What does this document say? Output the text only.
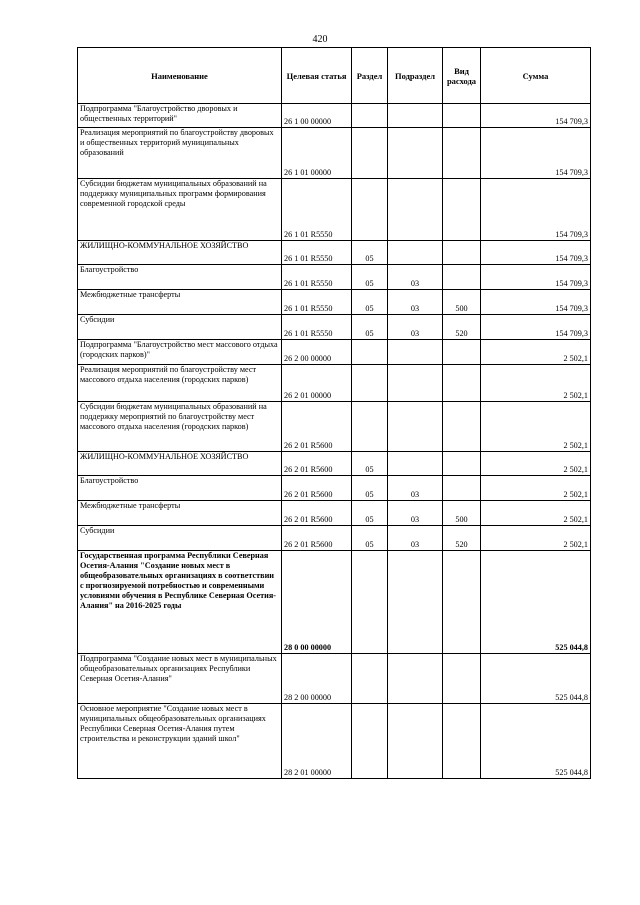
420
Наименование	Целевая статья	Раздел	Подраздел	Вид расхода	Сумма
Подпрограмма "Благоустройство дворовых и общественных территорий"	26 1 00 00000				154 709,3
Реализация мероприятий по благоустройству дворовых и общественных территорий муниципальных образований	26 1 01 00000				154 709,3
Субсидии бюджетам муниципальных образований на поддержку муниципальных программ формирования современной городской среды	26 1 01 R5550				154 709,3
ЖИЛИЩНО-КОММУНАЛЬНОЕ ХОЗЯЙСТВО	26 1 01 R5550	05			154 709,3
Благоустройство	26 1 01 R5550	05	03		154 709,3
Межбюджетные трансферты	26 1 01 R5550	05	03	500	154 709,3
Субсидии	26 1 01 R5550	05	03	520	154 709,3
Подпрограмма "Благоустройство мест массового отдыха (городских парков)"	26 2 00 00000				2 502,1
Реализация мероприятий по благоустройству мест массового отдыха населения (городских парков)	26 2 01 00000				2 502,1
Субсидии бюджетам муниципальных образований на поддержку мероприятий по благоустройству мест массового отдыха населения (городских парков)	26 2 01 R5600				2 502,1
ЖИЛИЩНО-КОММУНАЛЬНОЕ ХОЗЯЙСТВО	26 2 01 R5600	05			2 502,1
Благоустройство	26 2 01 R5600	05	03		2 502,1
Межбюджетные трансферты	26 2 01 R5600	05	03	500	2 502,1
Субсидии	26 2 01 R5600	05	03	520	2 502,1
Государственная программа Республики Северная Осетия-Алания "Создание новых мест в общеобразовательных организациях в соответствии с прогнозируемой потребностью и современными условиями обучения в Республике Северная Осетия-Алания" на 2016-2025 годы	28 0 00 00000				525 044,8
Подпрограмма "Создание новых мест в муниципальных общеобразовательных организациях Республики Северная Осетия-Алания"	28 2 00 00000				525 044,8
Основное мероприятие "Создание новых мест в муниципальных общеобразовательных организациях Республики Северная Осетия-Алания путем строительства и реконструкции зданий школ"	28 2 01 00000				525 044,8
